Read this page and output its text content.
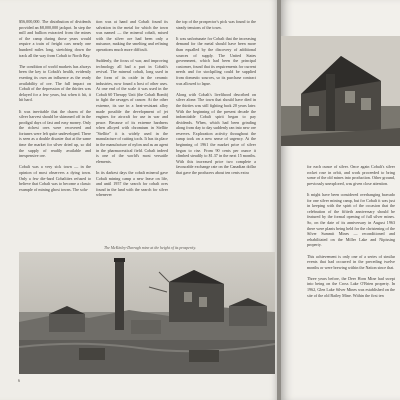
$56,000,000. The distribution of dividends provided an $8,000,000 jackpot. In step the mill and bullion extracted from the mines of the camp during those years would require a train of freight cars nearly one hundred miles long, stretching down the track all the way from Cobalt to North Bay.

The condition of world markets has always been the key to Cobalt's health, evidently exerting its own an influence as the ready availability of ore. The full impact on Cobalt of the depression of the thirties was delayed for a few years, but when it hit, it hit hard.

It was inevitable that the charm of the silver harvest should be skimmed off in the prodigal days of fast and easy money. Only the richest ores were recovered and fortunes were left quite undeveloped. There is seen as a double disaster that at the same time the market for silver dried up, so did the supply of readily available and inexpensive ore.

Cobalt was a very sick town — in the opinion of most observers a dying town. Only a few die-hard Cobaltites refused to believe that Cobalt was to become a classic example of mining ghost towns. The solu-
tion was at hand and Cobalt found its salvation in the metal for which the town was named — the mineral cobalt, mixed with the silver ore had been only a nuisance, making the smelting and refining operations much more difficult.

Suddenly, the focus of war, and improving technology all had a part in Cobalt's revival. The mineral cobalt, long used in the form of its oxide in the ceramic industries, now found a host of other uses. At one end of the scale it was used in the Cobalt 60 Therapy Unit (the Cobalt Bomb) to fight the ravages of cancer. At the other extreme, its use in a heat-resistant alloy made possible the development of jet engines for aircraft for use in war and peace. Because of its extreme hardness when alloyed with chromium in Stellite "Stellite" it is widely used in the manufacture of cutting tools. It has its place in the manufacture of nylon and as an agent in the pharmaceutical field. Cobalt indeed is one of the world's most versatile elements.

In its darkest days the cobalt mineral gave Cobalt mining camp a new lease on life, and until 1957 the search for cobalt ores found in the land with the search for silver whenever
the top of the prospector's pick was found to the steady tensions of the town.

It was unfortunate for Cobalt that the increasing demand for the metal should have been more than equalled by the discovery of additional sources of supply. The United States government, which had been the principal customer, found that its requirements for current needs and for stockpiling could be supplied from domestic sources, so its purchase contract was allowed to lapse.

Along with Cobalt's livelihood described on silver alone. The town that should have died in the thirties was still fighting back 20 years later. With the beginning of the present decade the indomitable Cobalt spirit began to pay dividends. When, which had been grinding along from day to day suddenly ran into new ore reserves. Exploration activity throughout the camp took on a new sense of urgency. At the beginning of 1961 the market price of silver began to rise. From 90 cents per ounce it climbed steadily to $1.37 in the next 15 months. With this increased price two complete a favourable exchange rate on the Canadian dollar that gave the producers about ten cents extra
The McKinley-Darragh mine at the height of its prosperity.
6
for each ounce of silver. Once again Cobalt's silver rocket rose in orbit, and work proceeded to bring some of the old mines into production. Other ground, previously unexplored, was given close attention.

It might have been considered overhanging bravado for one silver mining camp, but for Cobalt it was just in keeping with the spirit of the occasion that the celebration of the fiftieth anniversary should be featured by the formal opening of full silver mines. So, on the date of its anniversary in August 1963 there were plants being held for the christening of the Silver Summit Mines — reconditioned and rehabilitated on the Miller Lake and Nipissing property.

This achievement is only one of a series of similar events that had occurred in the preceding twelve months or were brewing within the Nation since that.

Three years before, the Deer Horn Mine had swept into being on the Cross Lake O'Brien property. In 1962, Glen Lake Silver Mines was established on the site of the old Bailey Mine. Within the first ten
